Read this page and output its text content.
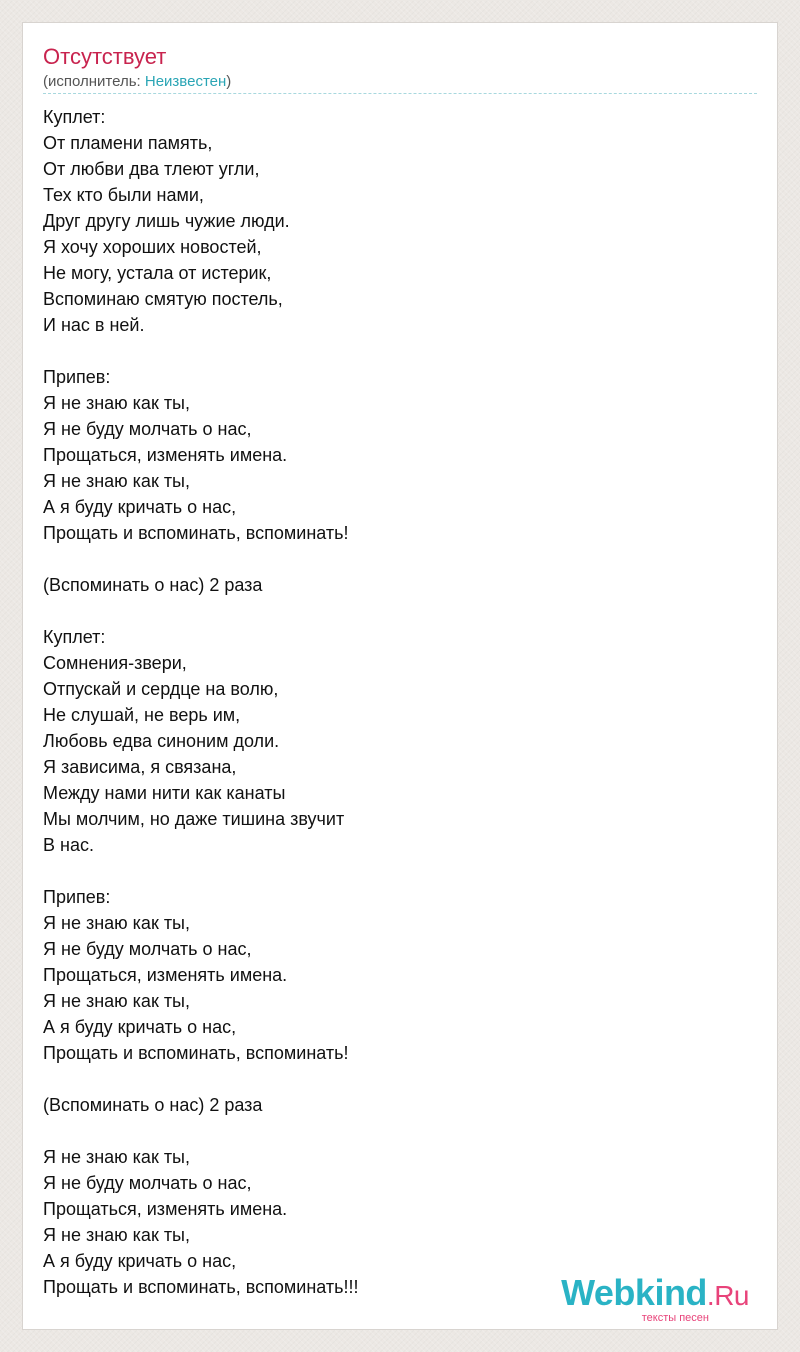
Отсутствует
(исполнитель: Неизвестен)
Куплет:
От пламени память,
От любви два тлеют угли,
Тех кто были нами,
Друг другу лишь чужие люди.
Я хочу хороших новостей,
Не могу, устала от истерик,
Вспоминаю смятую постель,
И нас в ней.
Припев:
Я не знаю как ты,
Я не буду молчать о нас,
Прощаться, изменять имена.
Я не знаю как ты,
А я буду кричать о нас,
Прощать и вспоминать, вспоминать!
(Вспоминать о нас) 2 раза
Куплет:
Сомнения-звери,
Отпускай и сердце на волю,
Не слушай, не верь им,
Любовь едва синоним доли.
Я зависима, я связана,
Между нами нити как канаты
Мы молчим, но даже тишина звучит
В нас.
Припев:
Я не знаю как ты,
Я не буду молчать о нас,
Прощаться, изменять имена.
Я не знаю как ты,
А я буду кричать о нас,
Прощать и вспоминать, вспоминать!
(Вспоминать о нас) 2 раза
Я не знаю как ты,
Я не буду молчать о нас,
Прощаться, изменять имена.
Я не знаю как ты,
А я буду кричать о нас,
Прощать и вспоминать, вспоминать!!!	Webkind.Ru
тексты песен
